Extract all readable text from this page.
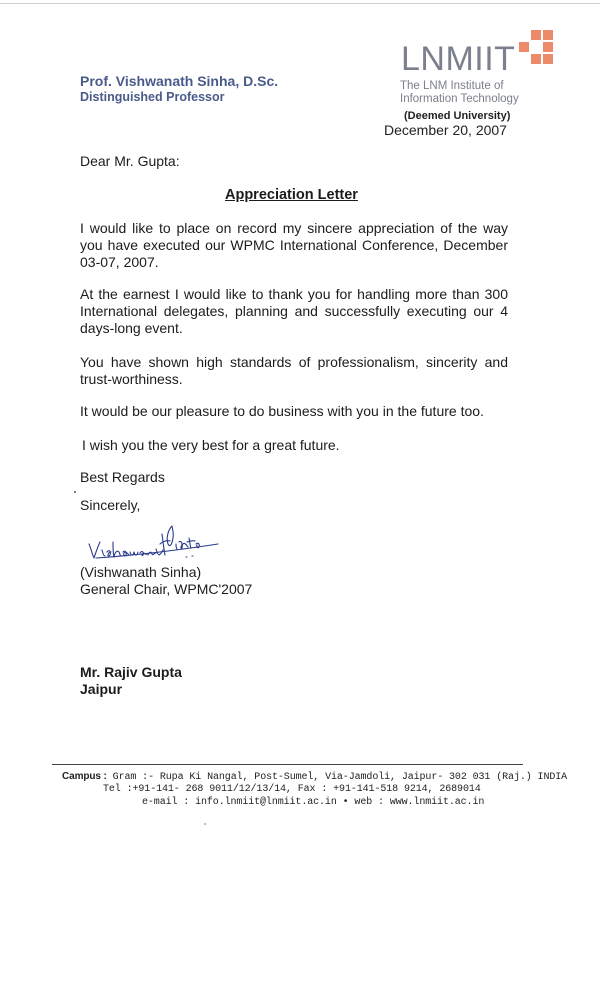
Prof. Vishwanath Sinha, D.Sc.
Distinguished Professor
LNMIIT
The LNM Institute of
Information Technology
(Deemed University)
December 20, 2007
Dear Mr. Gupta:
Appreciation Letter
I would like to place on record my sincere appreciation of the way you have executed our WPMC International Conference, December 03-07, 2007.
At the earnest I would like to thank you for handling more than 300 International delegates, planning and successfully executing our 4 days-long event.
You have shown high standards of professionalism, sincerity and trust-worthiness.
It would be our pleasure to do business with you in the future too.
I wish you the very best for a great future.
Best Regards
Sincerely,
(Vishwanath Sinha)
General Chair, WPMC'2007
Mr. Rajiv Gupta
Jaipur
Campus : Gram :- Rupa Ki Nangal, Post-Sumel, Via-Jamdoli, Jaipur- 302 031 (Raj.) INDIA
Tel :+91-141- 268 9011/12/13/14, Fax : +91-141-518 9214, 2689014
e-mail : info.lnmiit@lnmiit.ac.in • web : www.lnmiit.ac.in
